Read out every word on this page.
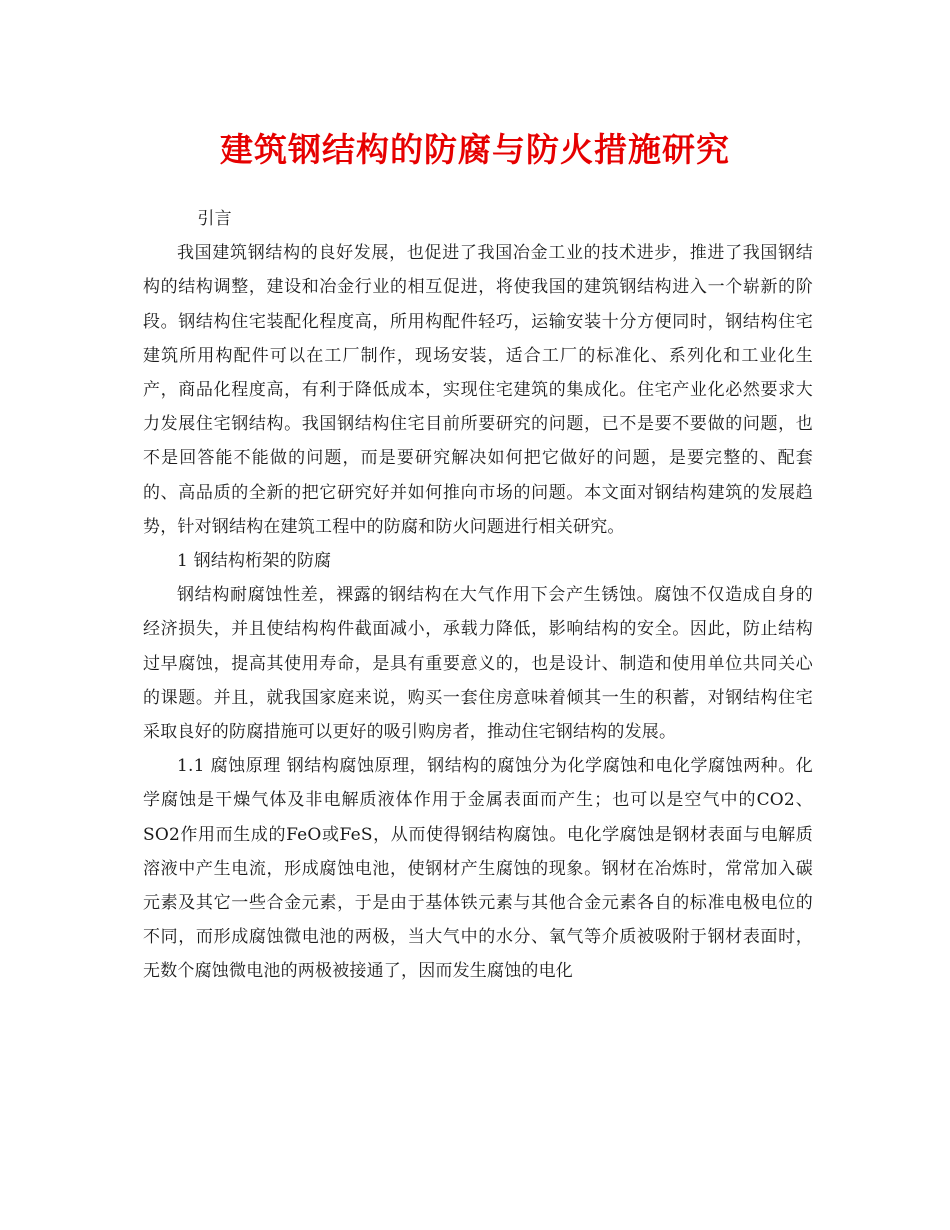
建筑钢结构的防腐与防火措施研究

引言

我国建筑钢结构的良好发展，也促进了我国冶金工业的技术进步，推进了我国钢结构的结构调整，建设和冶金行业的相互促进，将使我国的建筑钢结构进入一个崭新的阶段。钢结构住宅装配化程度高，所用构配件轻巧，运输安装十分方便同时，钢结构住宅建筑所用构配件可以在工厂制作，现场安装，适合工厂的标准化、系列化和工业化生产，商品化程度高，有利于降低成本，实现住宅建筑的集成化。住宅产业化必然要求大力发展住宅钢结构。我国钢结构住宅目前所要研究的问题，已不是要不要做的问题，也不是回答能不能做的问题，而是要研究解决如何把它做好的问题，是要完整的、配套的、高品质的全新的把它研究好并如何推向市场的问题。本文面对钢结构建筑的发展趋势，针对钢结构在建筑工程中的防腐和防火问题进行相关研究。

1 钢结构桁架的防腐

钢结构耐腐蚀性差，裸露的钢结构在大气作用下会产生锈蚀。腐蚀不仅造成自身的经济损失，并且使结构构件截面减小，承载力降低，影响结构的安全。因此，防止结构过早腐蚀，提高其使用寿命，是具有重要意义的，也是设计、制造和使用单位共同关心的课题。并且，就我国家庭来说，购买一套住房意味着倾其一生的积蓄，对钢结构住宅采取良好的防腐措施可以更好的吸引购房者，推动住宅钢结构的发展。

1.1 腐蚀原理 钢结构腐蚀原理，钢结构的腐蚀分为化学腐蚀和电化学腐蚀两种。化学腐蚀是干燥气体及非电解质液体作用于金属表面而产生；也可以是空气中的CO2、SO2作用而生成的FeO或FeS，从而使得钢结构腐蚀。电化学腐蚀是钢材表面与电解质溶液中产生电流，形成腐蚀电池，使钢材产生腐蚀的现象。钢材在冶炼时，常常加入碳元素及其它一些合金元素，于是由于基体铁元素与其他合金元素各自的标准电极电位的不同，而形成腐蚀微电池的两极，当大气中的水分、氧气等介质被吸附于钢材表面时，无数个腐蚀微电池的两极被接通了，因而发生腐蚀的电化
